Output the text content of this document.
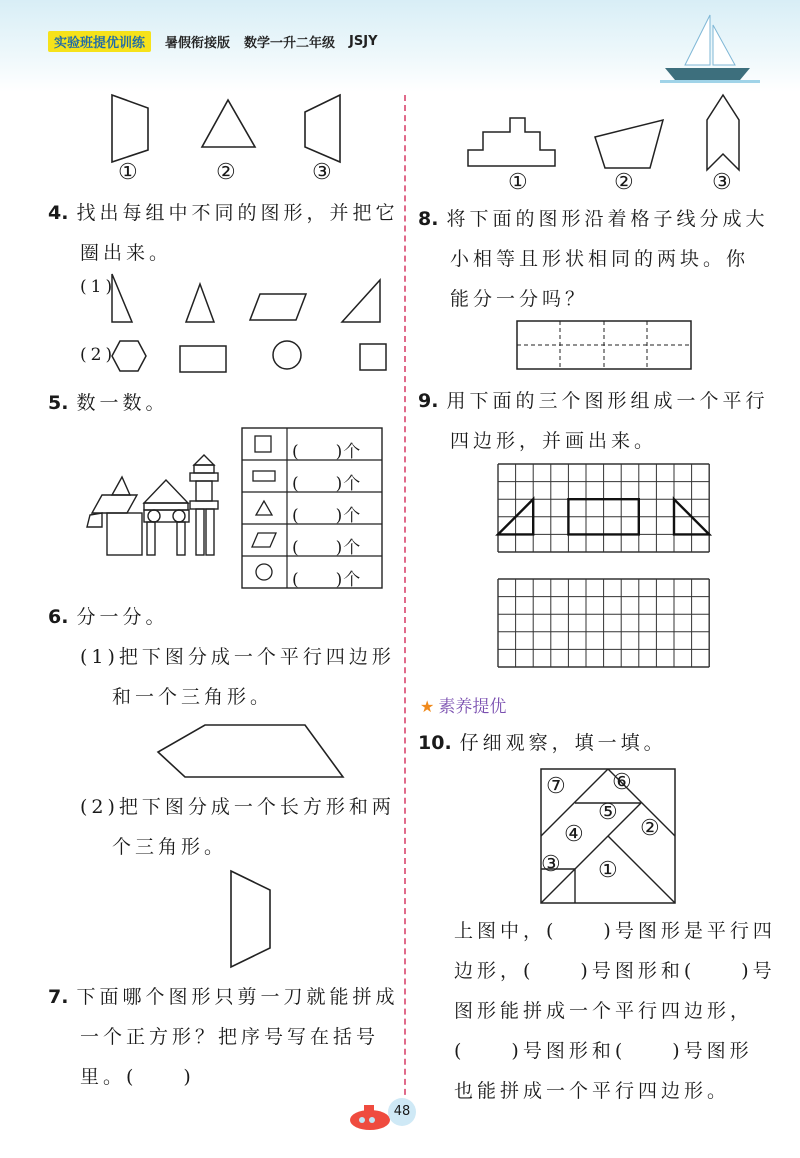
实验班提优训练	暑假衔接版 数学一升二年级 JSJY
①	②	③
4. 找出每组中不同的图形，并把它
圈出来。
(1)
(2)
5. 数一数。
(　　)个
(　　)个
(　　)个
(　　)个
(　　)个
6. 分一分。
(1)把下图分成一个平行四边形
和一个三角形。
(2)把下图分成一个长方形和两
个三角形。
7. 下面哪个图形只剪一刀就能拼成
一个正方形？把序号写在括号
里。(　　)
①	②	③
8. 将下面的图形沿着格子线分成大
小相等且形状相同的两块。你
能分一分吗？
9. 用下面的三个图形组成一个平行
四边形，并画出来。
★ 素养提优
10. 仔细观察，填一填。
⑦ ⑥
⑤
④	②
③ ①
上图中，(　　)号图形是平行四
边形，(　　)号图形和(　　)号
图形能拼成一个平行四边形，
(　　)号图形和(　　)号图形
也能拼成一个平行四边形。
48
